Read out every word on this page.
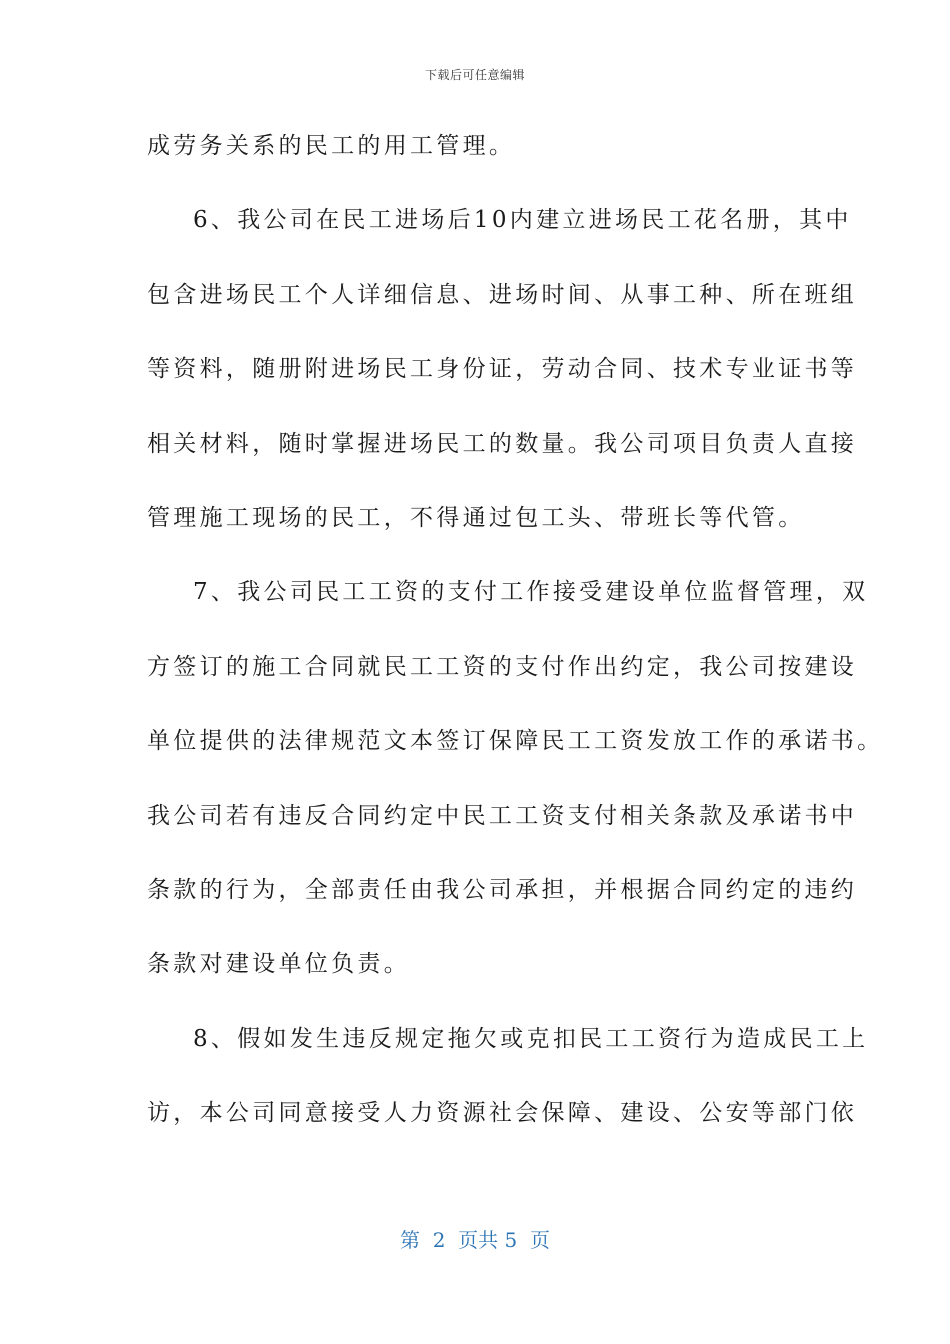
下载后可任意编辑
成劳务关系的民工的用工管理。
6、我公司在民工进场后10内建立进场民工花名册，其中
包含进场民工个人详细信息、进场时间、从事工种、所在班组
等资料，随册附进场民工身份证，劳动合同、技术专业证书等
相关材料，随时掌握进场民工的数量。我公司项目负责人直接
管理施工现场的民工，不得通过包工头、带班长等代管。
7、我公司民工工资的支付工作接受建设单位监督管理，双
方签订的施工合同就民工工资的支付作出约定，我公司按建设
单位提供的法律规范文本签订保障民工工资发放工作的承诺书。
我公司若有违反合同约定中民工工资支付相关条款及承诺书中
条款的行为，全部责任由我公司承担，并根据合同约定的违约
条款对建设单位负责。
8、假如发生违反规定拖欠或克扣民工工资行为造成民工上
访，本公司同意接受人力资源社会保障、建设、公安等部门依
第  2  页共 5  页
